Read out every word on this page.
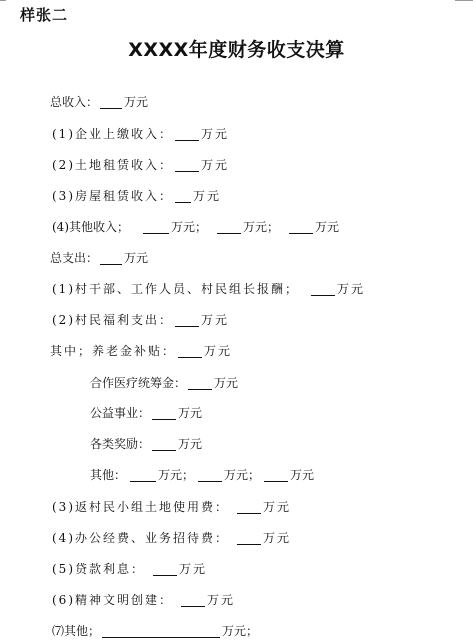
样张二
XXXX年度财务收支决算
总收入： 万元
(1)企业上缴收入： 万元
(2)土地租赁收入： 万元
(3)房屋租赁收入： 万元
(4)其他收入；	万元；	万元；	万元
总支出： 万元
(1)村干部、工作人员、村民组长报酬；	万元
(2)村民福利支出： 万元
其中；养老金补贴： 万元
合作医疗统筹金： 万元
公益事业： 万元
各类奖励： 万元
其他：	万元；	万元；	万元
(3)返村民小组土地使用费：	万元
(4)办公经费、业务招待费：	万元
(5)贷款利息：	万元
(6)精神文明创建：	万元
⑺其他；	万元；
